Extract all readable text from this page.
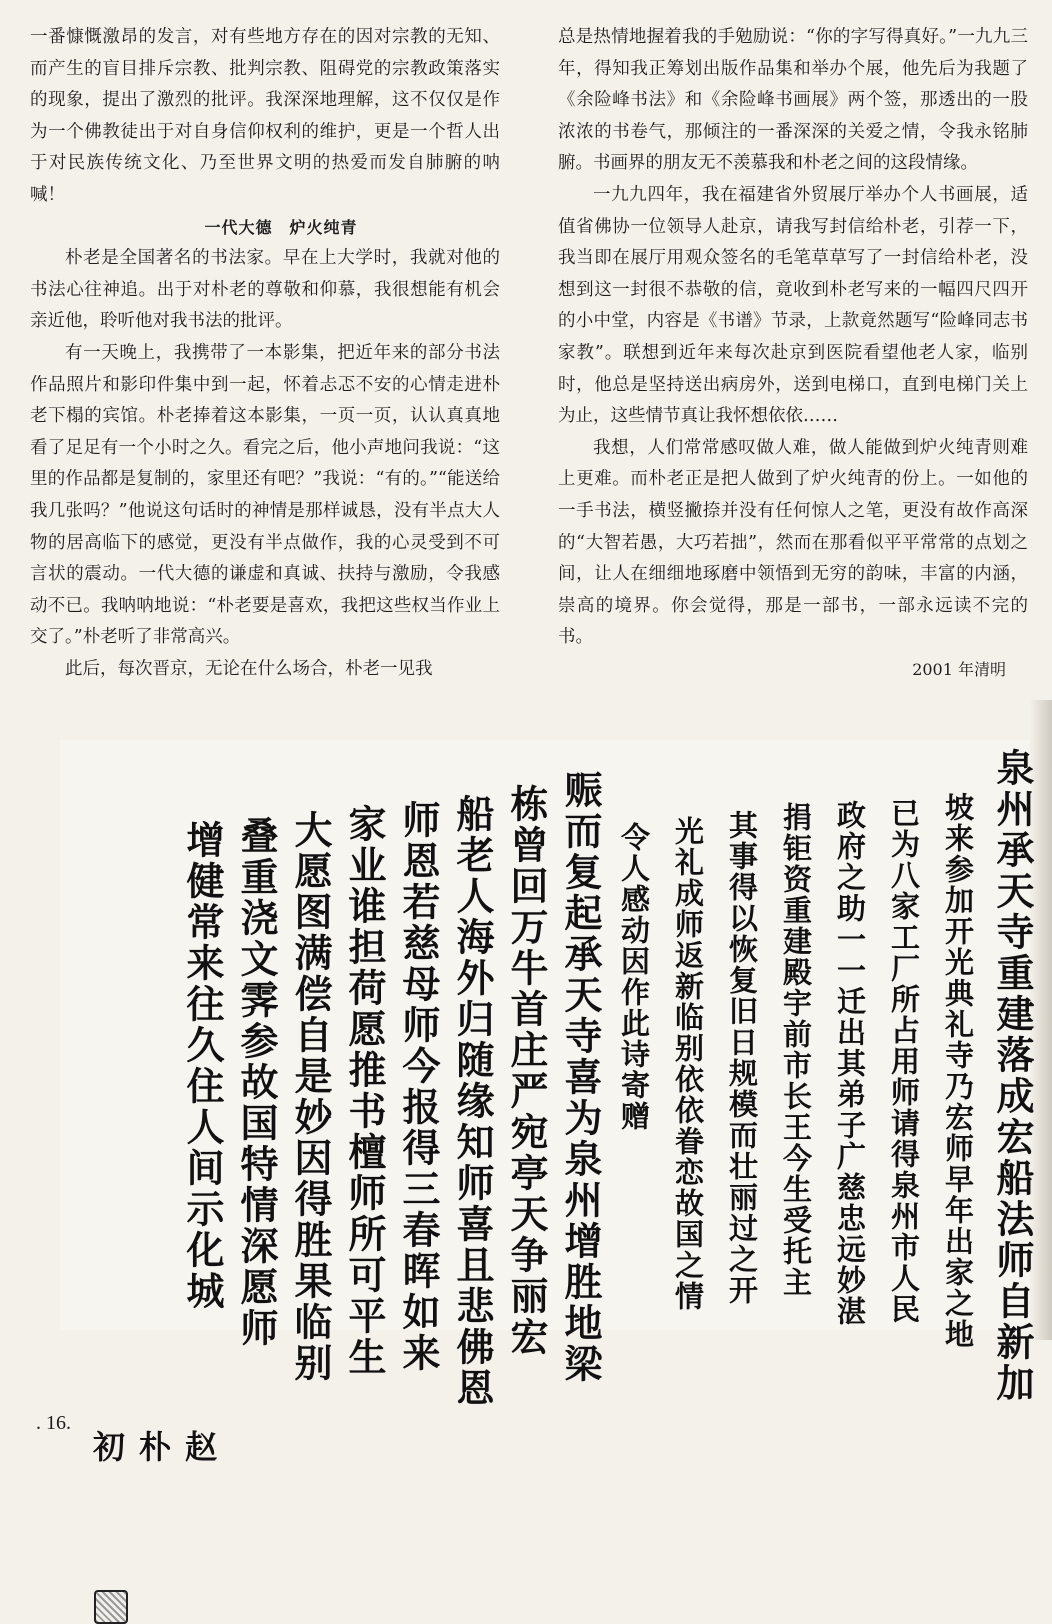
一番慷慨激昂的发言，对有些地方存在的因对宗教的无知、而产生的盲目排斥宗教、批判宗教、阻碍党的宗教政策落实的现象，提出了激烈的批评。我深深地理解，这不仅仅是作为一个佛教徒出于对自身信仰权利的维护，更是一个哲人出于对民族传统文化、乃至世界文明的热爱而发自肺腑的呐喊！

一代大德　炉火纯青

朴老是全国著名的书法家。早在上大学时，我就对他的书法心往神追。出于对朴老的尊敬和仰慕，我很想能有机会亲近他，聆听他对我书法的批评。

有一天晚上，我携带了一本影集，把近年来的部分书法作品照片和影印件集中到一起，怀着忐忑不安的心情走进朴老下榻的宾馆。朴老捧着这本影集，一页一页，认认真真地看了足足有一个小时之久。看完之后，他小声地问我说：“这里的作品都是复制的，家里还有吧？”我说：“有的。”“能送给我几张吗？”他说这句话时的神情是那样诚恳，没有半点大人物的居高临下的感觉，更没有半点做作，我的心灵受到不可言状的震动。一代大德的谦虚和真诚、扶持与激励，令我感动不已。我呐呐地说：“朴老要是喜欢，我把这些权当作业上交了。”朴老听了非常高兴。

此后，每次晋京，无论在什么场合，朴老一见我

总是热情地握着我的手勉励说：“你的字写得真好。”一九九三年，得知我正筹划出版作品集和举办个展，他先后为我题了《余险峰书法》和《余险峰书画展》两个签，那透出的一股浓浓的书卷气，那倾注的一番深深的关爱之情，令我永铭肺腑。书画界的朋友无不羡慕我和朴老之间的这段情缘。

一九九四年，我在福建省外贸展厅举办个人书画展，适值省佛协一位领导人赴京，请我写封信给朴老，引荐一下，我当即在展厅用观众签名的毛笔草草写了一封信给朴老，没想到这一封很不恭敬的信，竟收到朴老写来的一幅四尺四开的小中堂，内容是《书谱》节录，上款竟然题写“险峰同志书家教”。联想到近年来每次赴京到医院看望他老人家，临别时，他总是坚持送出病房外，送到电梯口，直到电梯门关上为止，这些情节真让我怀想依依……

我想，人们常常感叹做人难，做人能做到炉火纯青则难上更难。而朴老正是把人做到了炉火纯青的份上。一如他的一手书法，横竖撇捺并没有任何惊人之笔，更没有故作高深的“大智若愚，大巧若拙”，然而在那看似平平常常的点划之间，让人在细细地琢磨中领悟到无穷的韵味，丰富的内涵，崇高的境界。你会觉得，那是一部书，一部永远读不完的书。

2001 年清明
赵朴初
泉州承天寺重建落成宏船法师自新加
坡来参加开光典礼寺乃宏师早年出家之地
已为八家工厂所占用师请得泉州市人民
政府之助一一迁出其弟子广慈忠远妙湛
捐钜资重建殿宇前市长王今生受托主
其事得以恢复旧日规模而壮丽过之开
光礼成师返新临别依依眷恋故国之情
令人感动因作此诗寄赠
赈而复起承天寺喜为泉州增胜地梁
栋曾回万牛首庄严宛亭天争丽宏
船老人海外归随缘知师喜且悲佛恩
师恩若慈母师今报得三春晖如来
家业谁担荷愿推书檀师所可平生
大愿图满偿自是妙因得胜果临别
叠重浇文霁参故国特情深愿师
增健常来往久住人间示化城
. 16.
